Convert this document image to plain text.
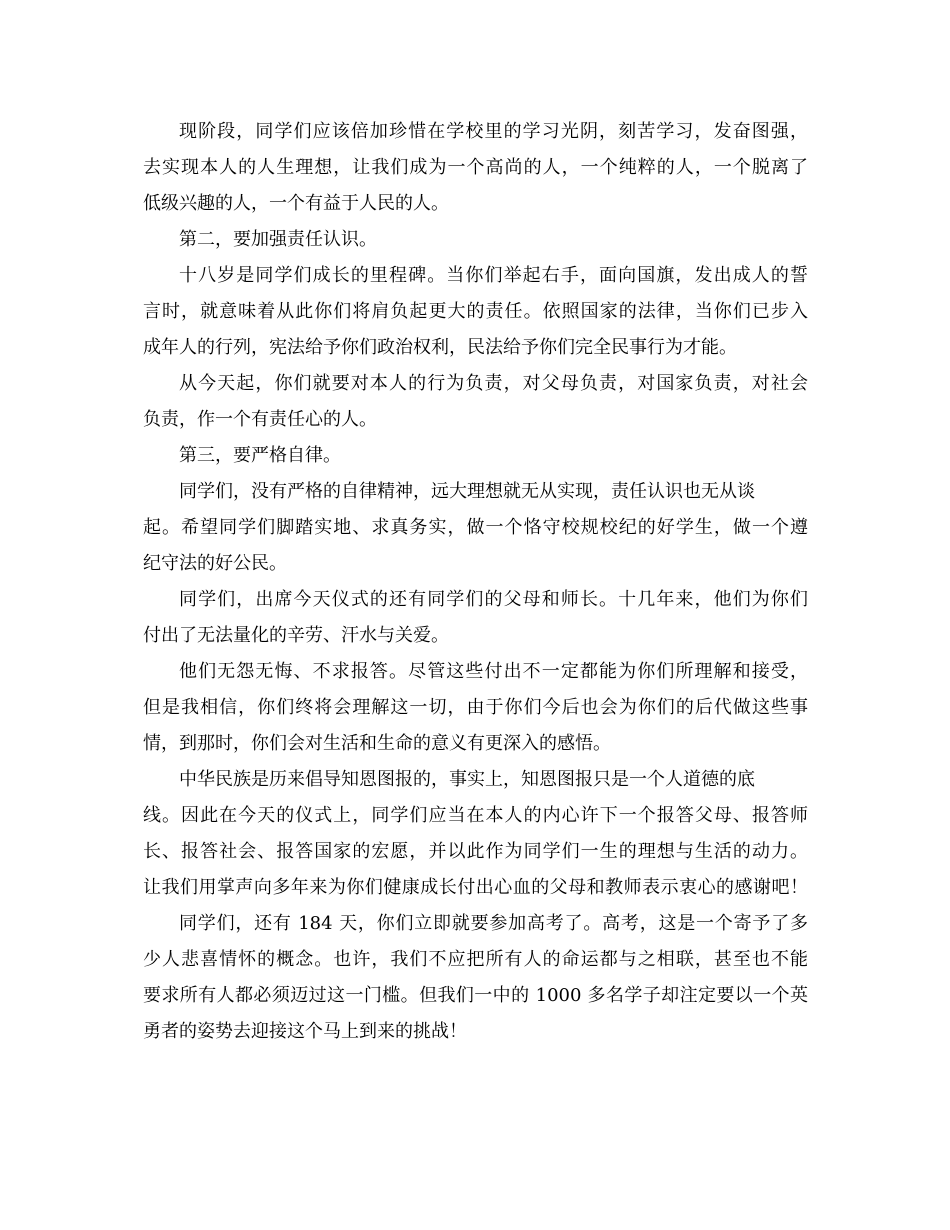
现阶段，同学们应该倍加珍惜在学校里的学习光阴，刻苦学习，发奋图强，
去实现本人的人生理想，让我们成为一个高尚的人，一个纯粹的人，一个脱离了
低级兴趣的人，一个有益于人民的人。
第二，要加强责任认识。
十八岁是同学们成长的里程碑。当你们举起右手，面向国旗，发出成人的誓
言时，就意味着从此你们将肩负起更大的责任。依照国家的法律，当你们已步入
成年人的行列，宪法给予你们政治权利，民法给予你们完全民事行为才能。
从今天起，你们就要对本人的行为负责，对父母负责，对国家负责，对社会
负责，作一个有责任心的人。
第三，要严格自律。
同学们，没有严格的自律精神，远大理想就无从实现，责任认识也无从谈
起。希望同学们脚踏实地、求真务实，做一个恪守校规校纪的好学生，做一个遵
纪守法的好公民。
同学们，出席今天仪式的还有同学们的父母和师长。十几年来，他们为你们
付出了无法量化的辛劳、汗水与关爱。
他们无怨无悔、不求报答。尽管这些付出不一定都能为你们所理解和接受，
但是我相信，你们终将会理解这一切，由于你们今后也会为你们的后代做这些事
情，到那时，你们会对生活和生命的意义有更深入的感悟。
中华民族是历来倡导知恩图报的，事实上，知恩图报只是一个人道德的底
线。因此在今天的仪式上，同学们应当在本人的内心许下一个报答父母、报答师
长、报答社会、报答国家的宏愿，并以此作为同学们一生的理想与生活的动力。
让我们用掌声向多年来为你们健康成长付出心血的父母和教师表示衷心的感谢吧！
同学们，还有 184 天，你们立即就要参加高考了。高考，这是一个寄予了多
少人悲喜情怀的概念。也许，我们不应把所有人的命运都与之相联，甚至也不能
要求所有人都必须迈过这一门槛。但我们一中的 1000 多名学子却注定要以一个英
勇者的姿势去迎接这个马上到来的挑战！
